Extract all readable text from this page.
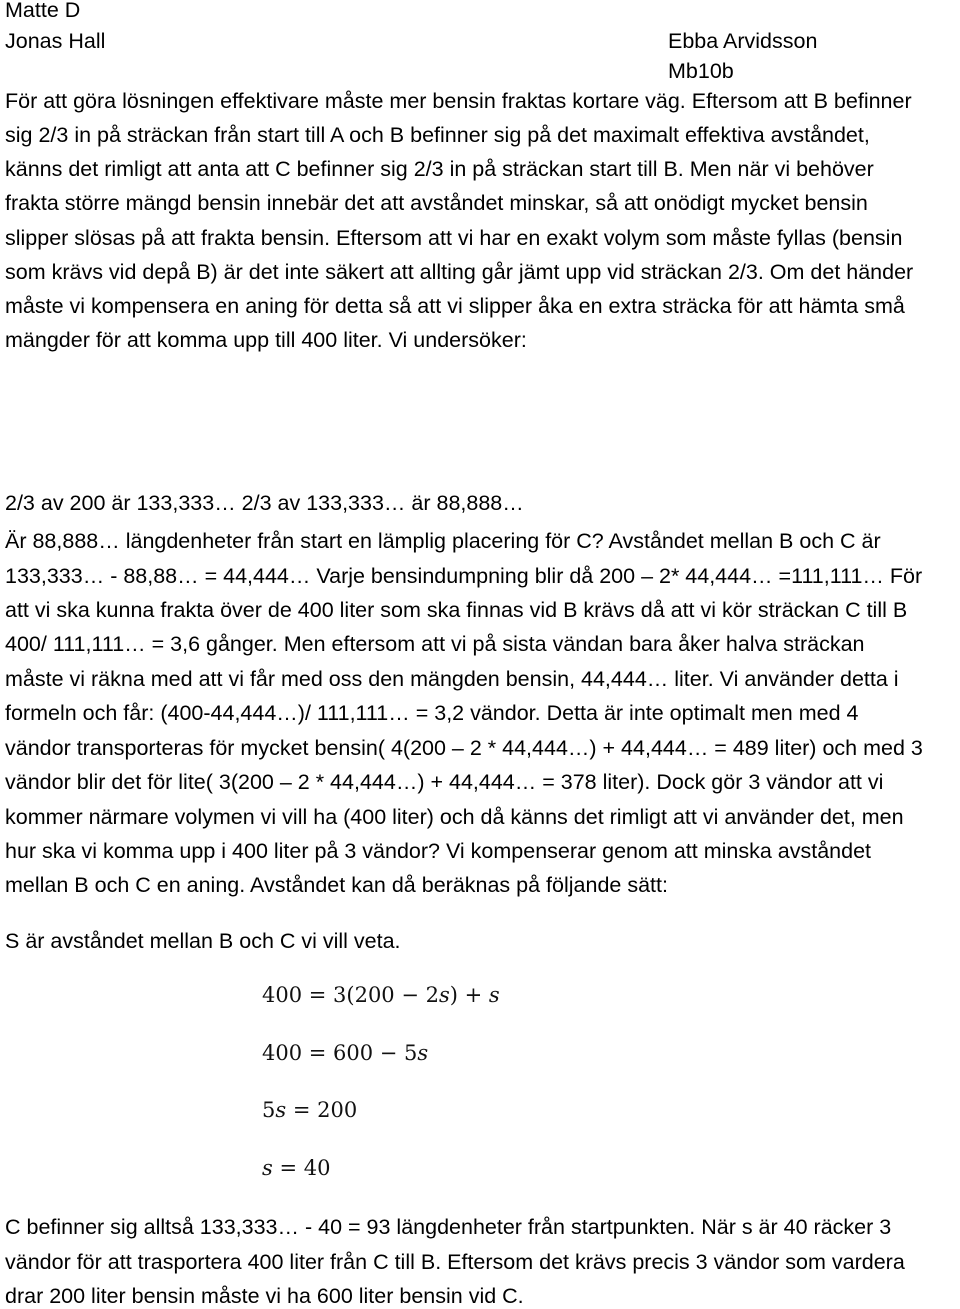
Matte D
Jonas Hall	Ebba Arvidsson
Mb10b
För att göra lösningen effektivare måste mer bensin fraktas kortare väg. Eftersom att B befinner
sig 2/3 in på sträckan från start till A och B befinner sig på det maximalt effektiva avståndet,
känns det rimligt att anta att C befinner sig 2/3 in på sträckan start till B. Men när vi behöver
frakta större mängd bensin innebär det att avståndet minskar, så att onödigt mycket bensin
slipper slösas på att frakta bensin. Eftersom att vi har en exakt volym som måste fyllas (bensin
som krävs vid depå B) är det inte säkert att allting går jämt upp vid sträckan 2/3. Om det händer
måste vi kompensera en aning för detta så att vi slipper åka en extra sträcka för att hämta små
mängder för att komma upp till 400 liter. Vi undersöker:
2/3 av 200 är 133,333… 2/3 av 133,333… är 88,888…
Är 88,888… längdenheter från start en lämplig placering för C? Avståndet mellan B och C är
133,333… - 88,88… = 44,444… Varje bensindumpning blir då 200 – 2* 44,444… =111,111… För
att vi ska kunna frakta över de 400 liter som ska finnas vid B krävs då att vi kör sträckan C till B
400/ 111,111… = 3,6 gånger. Men eftersom att vi på sista vändan bara åker halva sträckan
måste vi räkna med att vi får med oss den mängden bensin, 44,444… liter. Vi använder detta i
formeln och får: (400-44,444…)/ 111,111… = 3,2 vändor. Detta är inte optimalt men med 4
vändor transporteras för mycket bensin( 4(200 – 2 * 44,444…) + 44,444… = 489 liter) och med 3
vändor blir det för lite( 3(200 – 2 * 44,444…) + 44,444… = 378 liter). Dock gör 3 vändor att vi
kommer närmare volymen vi vill ha (400 liter) och då känns det rimligt att vi använder det, men
hur ska vi komma upp i 400 liter på 3 vändor? Vi kompenserar genom att minska avståndet
mellan B och C en aning. Avståndet kan då beräknas på följande sätt:
S är avståndet mellan B och C vi vill veta.
400 = 3(200 − 2s) + s
400 = 600 − 5s
5s = 200
s = 40
C befinner sig alltså 133,333… - 40 = 93 längdenheter från startpunkten. När s är 40 räcker 3
vändor för att trasportera 400 liter från C till B. Eftersom det krävs precis 3 vändor som vardera
drar 200 liter bensin måste vi ha 600 liter bensin vid C.
